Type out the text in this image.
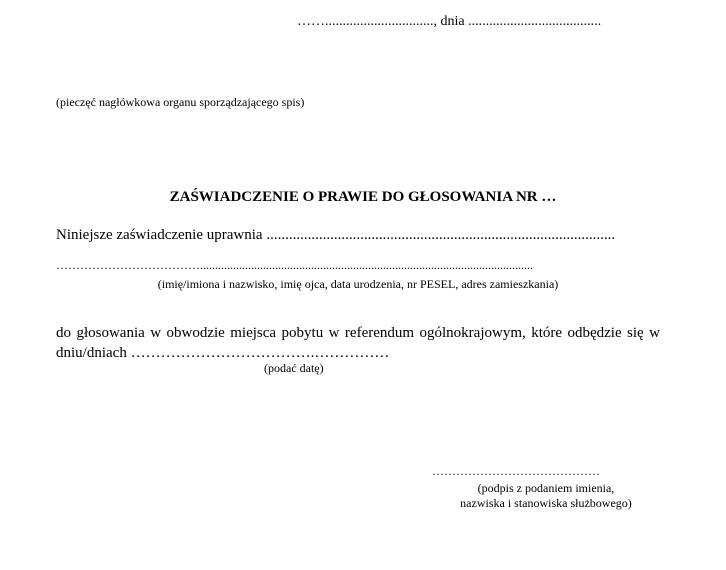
……..............................., dnia ......................................
(pieczęć nagłówkowa organu sporządzającego spis)
ZAŚWIADCZENIE O PRAWIE DO GŁOSOWANIA NR …
Niniejsze zaświadczenie uprawnia .............................................................................................
………………………………...............................................................................................................
(imię/imiona i nazwisko, imię ojca, data urodzenia, nr PESEL, adres zamieszkania)
do głosowania w obwodzie miejsca pobytu w referendum ogólnokrajowym, które odbędzie się w dniu/dniach ……………………………….……………
(podać datę)
……………………………………
(podpis z podaniem imienia,
nazwiska i stanowiska służbowego)
